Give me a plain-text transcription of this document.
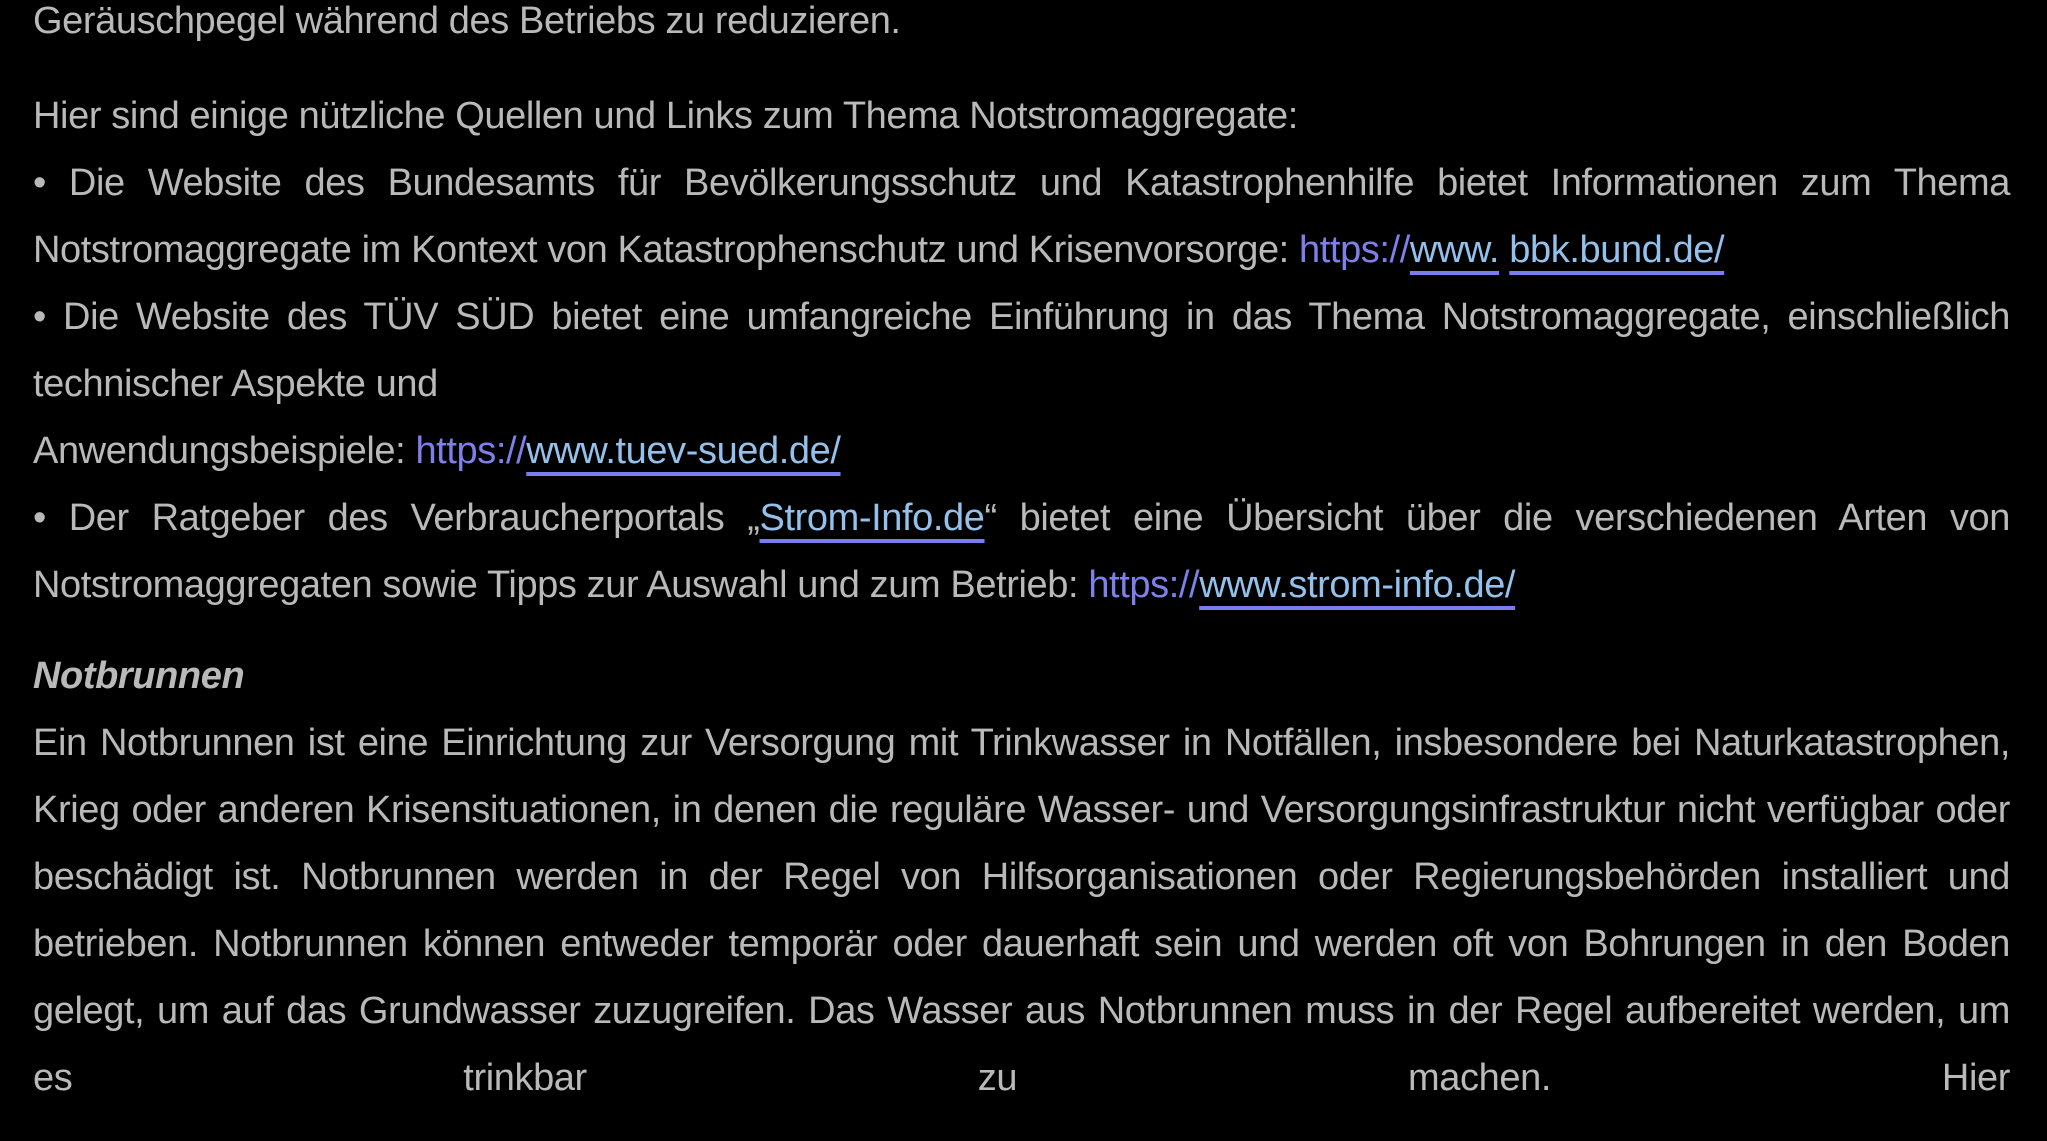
Geräuschpegel während des Betriebs zu reduzieren.

Hier sind einige nützliche Quellen und Links zum Thema Notstromaggregate:

• Die Website des Bundesamts für Bevölkerungsschutz und Katastrophenhilfe bietet Informationen zum Thema Notstromaggregate im Kontext von Katastrophenschutz und Krisenvorsorge: https://www. bbk.bund.de/

• Die Website des TÜV SÜD bietet eine umfangreiche Einführung in das Thema Notstromaggregate, einschließlich technischer Aspekte und
Anwendungsbeispiele: https://www.tuev-sued.de/

• Der Ratgeber des Verbraucherportals „Strom-Info.de“ bietet eine Übersicht über die verschiedenen Arten von Notstromaggregaten sowie Tipps zur Auswahl und zum Betrieb: https://www.strom-info.de/

Notbrunnen

Ein Notbrunnen ist eine Einrichtung zur Versorgung mit Trinkwasser in Notfällen, insbesondere bei Naturkatastrophen, Krieg oder anderen Krisensituationen, in denen die reguläre Wasser- und Versorgungsinfrastruktur nicht verfügbar oder beschädigt ist. Notbrunnen werden in der Regel von Hilfsorganisationen oder Regierungsbehörden installiert und betrieben. Notbrunnen können entweder temporär oder dauerhaft sein und werden oft von Bohrungen in den Boden gelegt, um auf das Grundwasser zuzugreifen. Das Wasser aus Notbrunnen muss in der Regel aufbereitet werden, um es trinkbar zu machen. Hier
